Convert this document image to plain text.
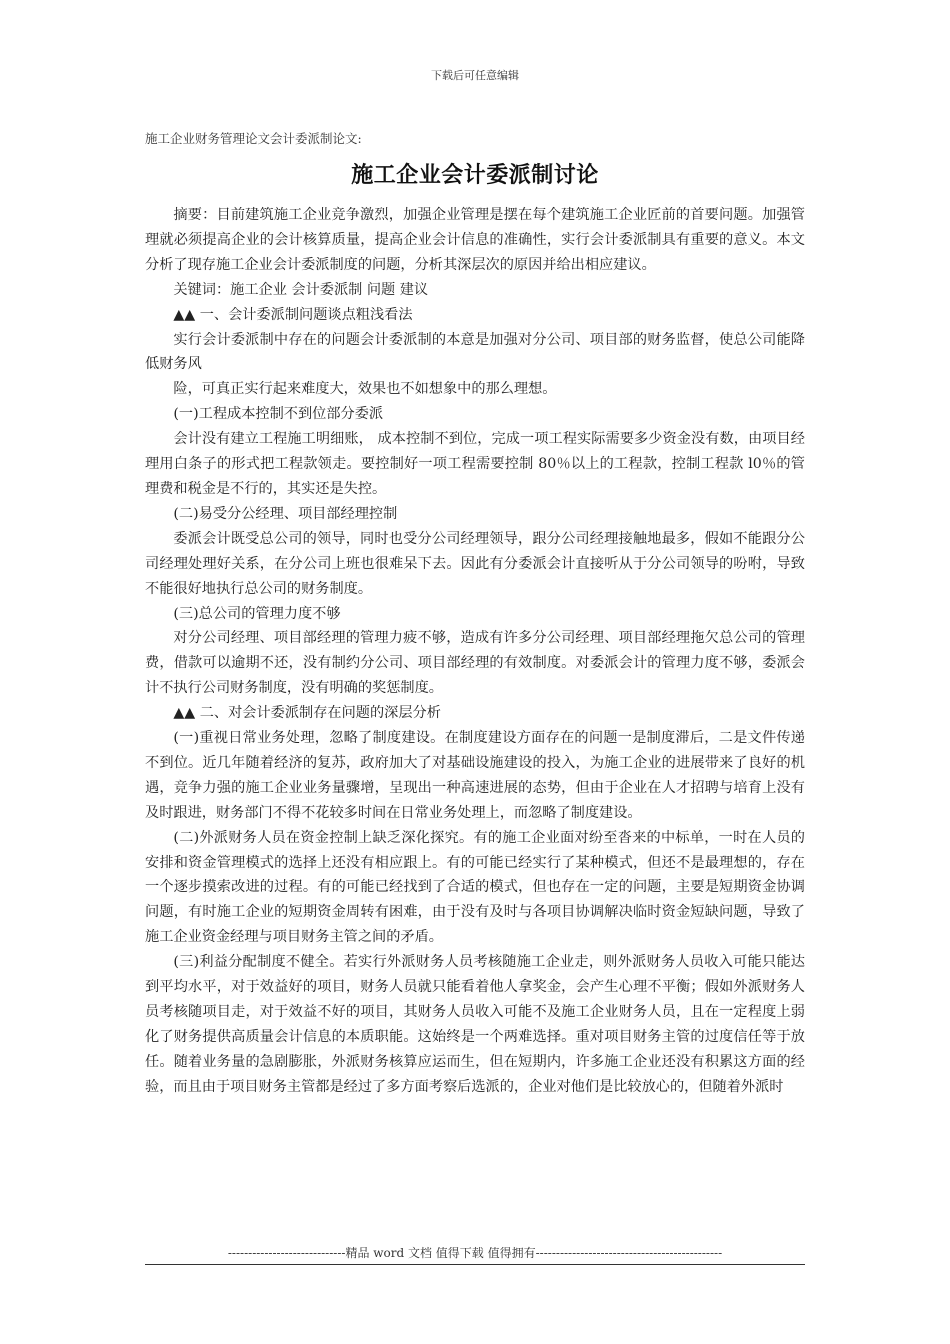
下载后可任意编辑
施工企业财务管理论文会计委派制论文:
施工企业会计委派制讨论

摘要：目前建筑施工企业竞争激烈，加强企业管理是摆在每个建筑施工企业匠前的首要问题。加强管理就必须提高企业的会计核算质量，提高企业会计信息的准确性，实行会计委派制具有重要的意义。本文分析了现存施工企业会计委派制度的问题，分析其深层次的原因并给出相应建议。

关键词：施工企业 会计委派制 问题 建议

▲▲ 一、会计委派制问题谈点粗浅看法

实行会计委派制中存在的问题会计委派制的本意是加强对分公司、项目部的财务监督，使总公司能降低财务风

险，可真正实行起来难度大，效果也不如想象中的那么理想。

(一)工程成本控制不到位部分委派

会计没有建立工程施工明细账， 成本控制不到位，完成一项工程实际需要多少资金没有数，由项目经理用白条子的形式把工程款领走。要控制好一项工程需要控制 80％以上的工程款，控制工程款 l0％的管理费和税金是不行的，其实还是失控。

(二)易受分公经理、项目部经理控制

委派会计既受总公司的领导，同时也受分公司经理领导，跟分公司经理接触地最多，假如不能跟分公司经理处理好关系，在分公司上班也很难呆下去。因此有分委派会计直接听从于分公司领导的吩咐，导致不能很好地执行总公司的财务制度。

(三)总公司的管理力度不够

对分公司经理、项目部经理的管理力疲不够，造成有许多分公司经理、项目部经理拖欠总公司的管理费，借款可以逾期不还，没有制约分公司、项目部经理的有效制度。对委派会计的管理力度不够，委派会计不执行公司财务制度，没有明确的奖惩制度。

▲▲ 二、对会计委派制存在问题的深层分析

(一)重视日常业务处理，忽略了制度建设。在制度建设方面存在的问题一是制度滞后，二是文件传递不到位。近几年随着经济的复苏，政府加大了对基础设施建设的投入，为施工企业的进展带来了良好的机遇，竞争力强的施工企业业务量骤增，呈现出一种高速进展的态势，但由于企业在人才招聘与培育上没有及时跟进，财务部门不得不花较多时间在日常业务处理上，而忽略了制度建设。

(二)外派财务人员在资金控制上缺乏深化探究。有的施工企业面对纷至沓来的中标单，一时在人员的安排和资金管理模式的选择上还没有相应跟上。有的可能已经实行了某种模式，但还不是最理想的，存在一个逐步摸索改进的过程。有的可能已经找到了合适的模式，但也存在一定的问题，主要是短期资金协调问题，有时施工企业的短期资金周转有困难，由于没有及时与各项目协调解决临时资金短缺问题，导致了施工企业资金经理与项目财务主管之间的矛盾。

(三)利益分配制度不健全。若实行外派财务人员考核随施工企业走，则外派财务人员收入可能只能达到平均水平，对于效益好的项目，财务人员就只能看着他人拿奖金，会产生心理不平衡；假如外派财务人员考核随项目走，对于效益不好的项目，其财务人员收入可能不及施工企业财务人员，且在一定程度上弱化了财务提供高质量会计信息的本质职能。这始终是一个两难选择。重对项目财务主管的过度信任等于放任。随着业务量的急剧膨胀，外派财务核算应运而生，但在短期内，许多施工企业还没有积累这方面的经验，而且由于项目财务主管都是经过了多方面考察后选派的，企业对他们是比较放心的，但随着外派时

-----------------------------精品 word 文档 值得下载 值得拥有----------------------------------------------
